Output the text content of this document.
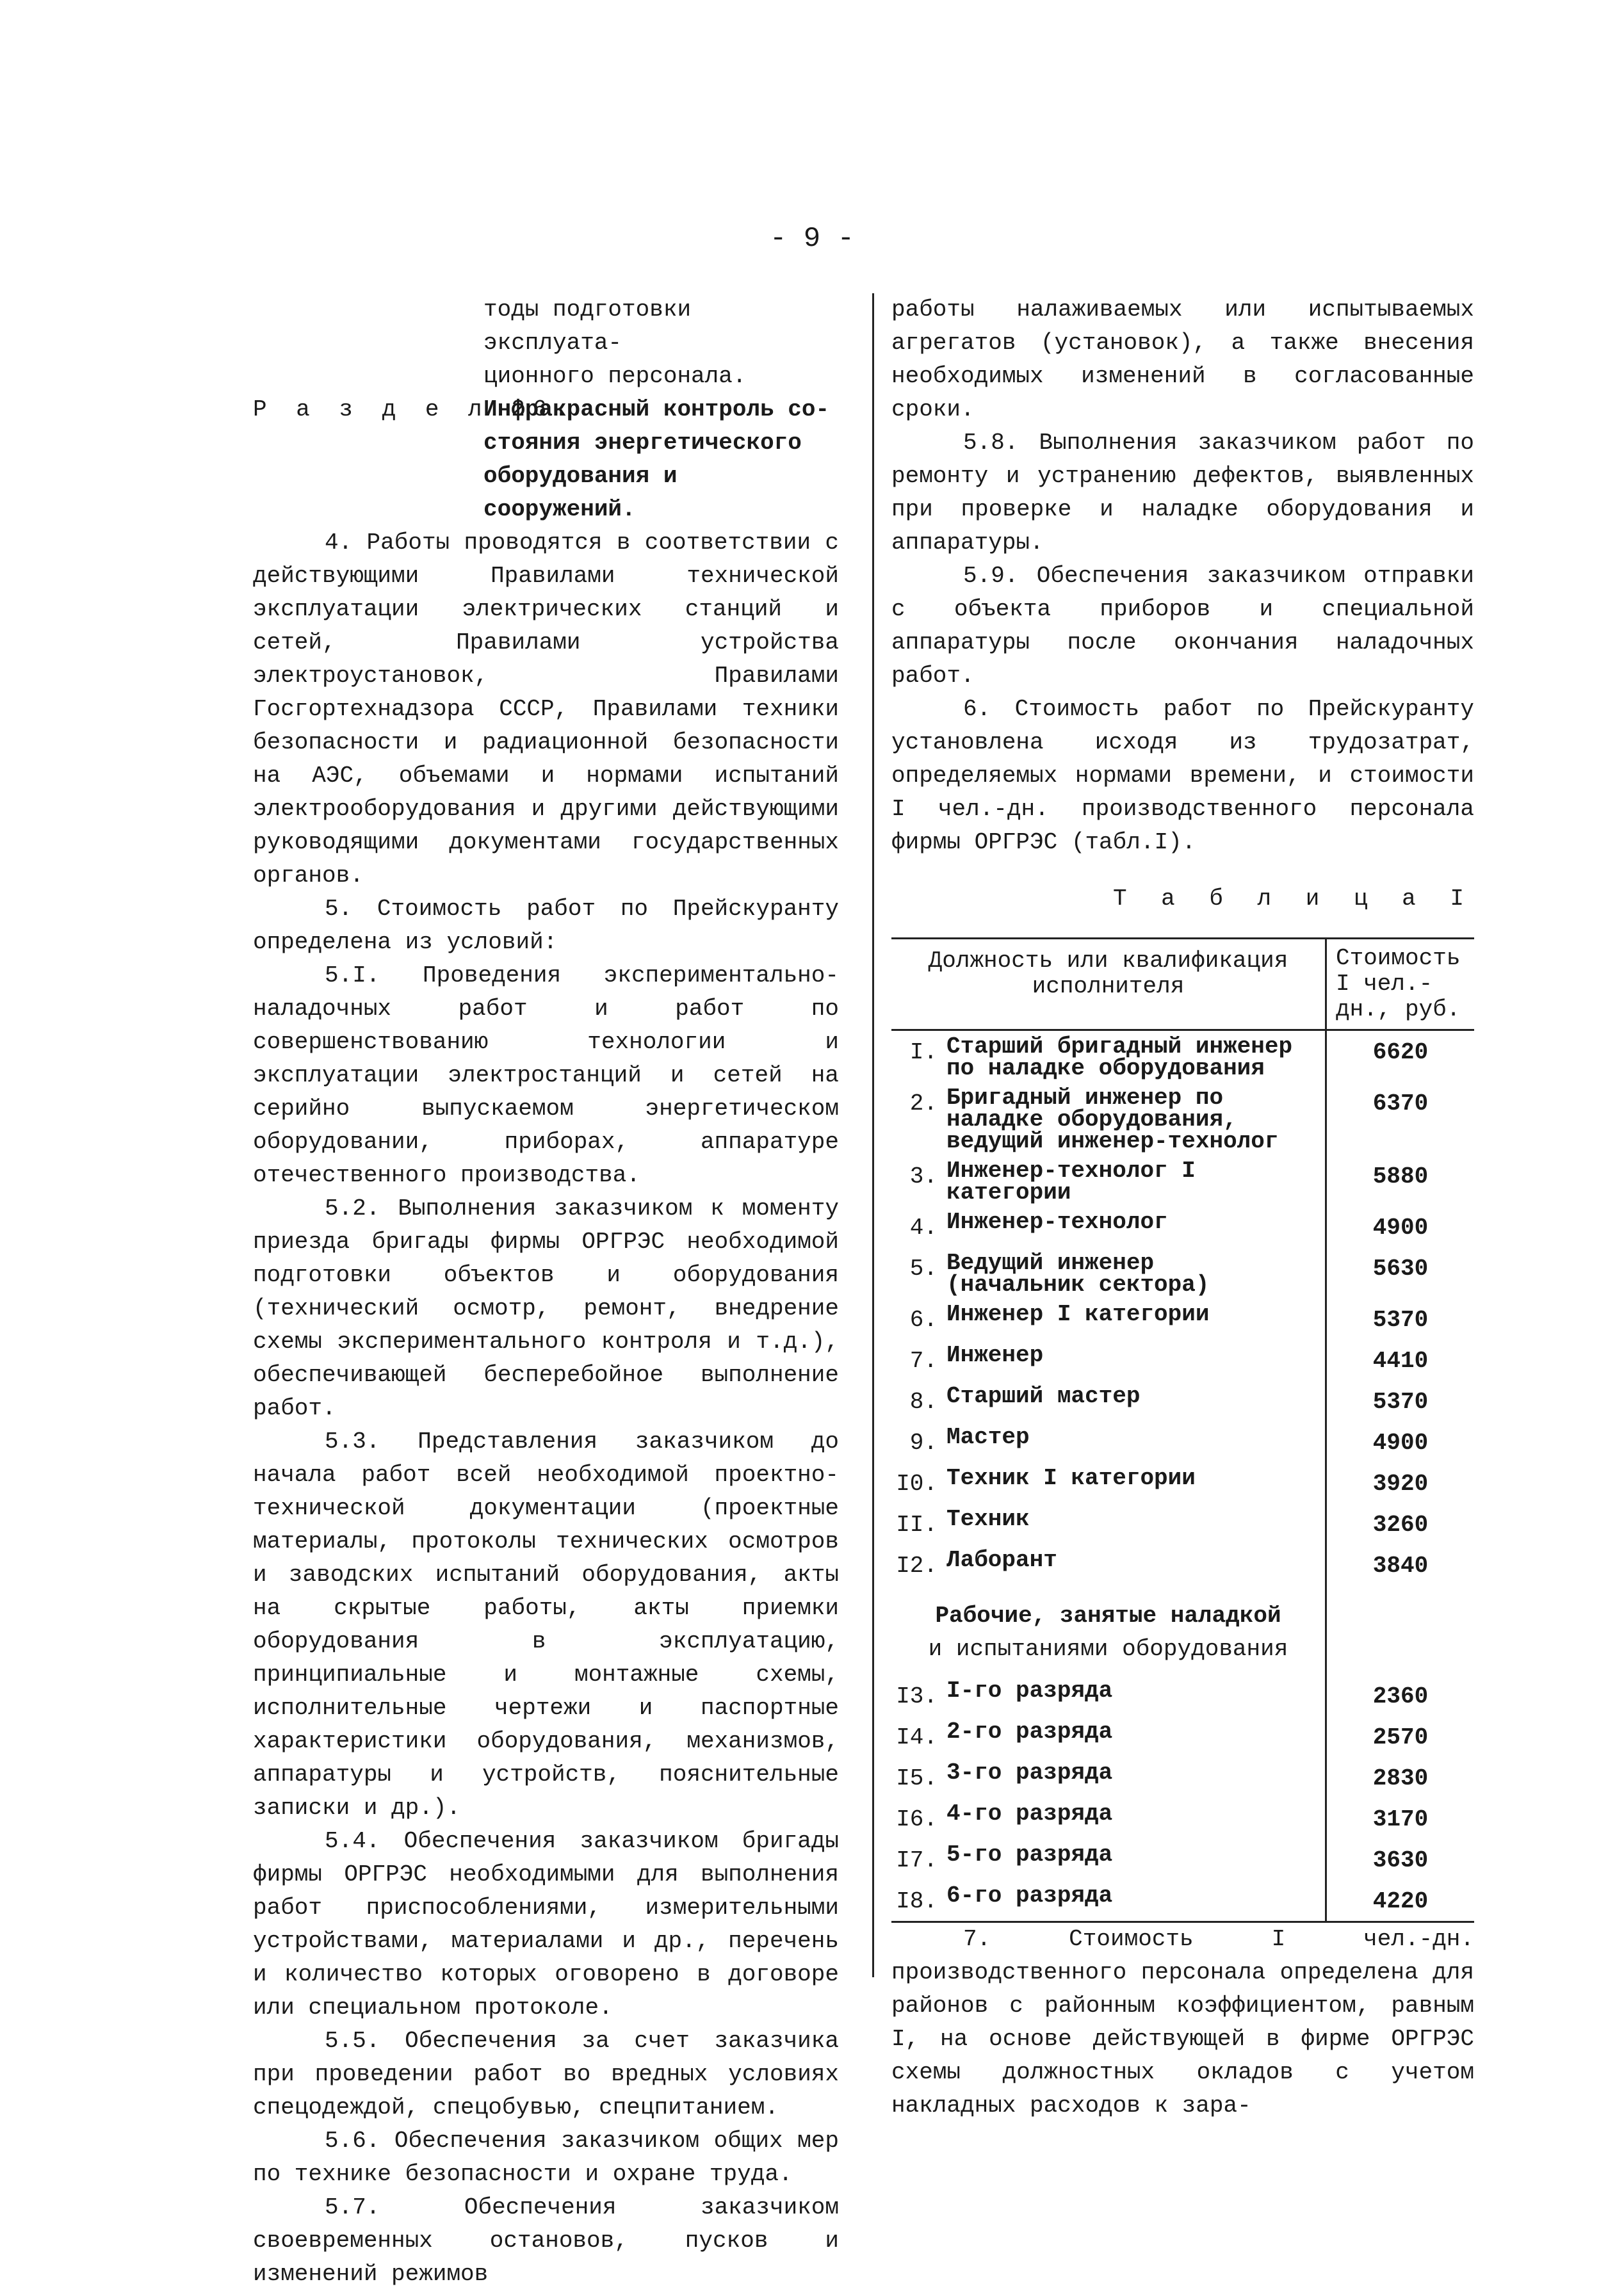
- 9 -
тоды подготовки эксплуата-
ционного персонала.
Р а з д е л 26.
Инфракрасный контроль со-
стояния энергетического
оборудования и сооружений.

4. Работы проводятся в соответствии с действующими Правилами технической эксплуатации электрических станций и сетей, Правилами устройства электроустановок, Правилами Госгортехнадзора СССР, Правилами техники безопасности и радиационной безопасности на АЭС, объемами и нормами испытаний электрооборудования и другими действующими руководящими документами государственных органов.

5. Стоимость работ по Прейскуранту определена из условий:

5.I. Проведения экспериментально-наладочных работ и работ по совершенствованию технологии и эксплуатации электростанций и сетей на серийно выпускаемом энергетическом оборудовании, приборах, аппаратуре отечественного производства.

5.2. Выполнения заказчиком к моменту приезда бригады фирмы ОРГРЭС необходимой подготовки объектов и оборудования (технический осмотр, ремонт, внедрение схемы экспериментального контроля и т.д.), обеспечивающей бесперебойное выполнение работ.

5.3. Представления заказчиком до начала работ всей необходимой проектно-технической документации (проектные материалы, протоколы технических осмотров и заводских испытаний оборудования, акты на скрытые работы, акты приемки оборудования в эксплуатацию, принципиальные и монтажные схемы, исполнительные чертежи и паспортные характеристики оборудования, механизмов, аппаратуры и устройств, пояснительные записки и др.).

5.4. Обеспечения заказчиком бригады фирмы ОРГРЭС необходимыми для выполнения работ приспособлениями, измерительными устройствами, материалами и др., перечень и количество которых оговорено в договоре или специальном протоколе.

5.5. Обеспечения за счет заказчика при проведении работ во вредных условиях спецодеждой, спецобувью, спецпитанием.

5.6. Обеспечения заказчиком общих мер по технике безопасности и охране труда.

5.7. Обеспечения заказчиком своевременных остановов, пусков и изменений режимов

работы налаживаемых или испытываемых агрегатов (установок), а также внесения необходимых изменений в согласованные сроки.

5.8. Выполнения заказчиком работ по ремонту и устранению дефектов, выявленных при проверке и наладке оборудования и аппаратуры.

5.9. Обеспечения заказчиком отправки с объекта приборов и специальной аппаратуры после окончания наладочных работ.

6. Стоимость работ по Прейскуранту установлена исходя из трудозатрат, определяемых нормами времени, и стоимости I чел.-дн. производственного персонала фирмы ОРГРЭС (табл.I).

Т а б л и ц а I
Должность или квалификация исполнителя
Стоимость I чел.-дн., руб.
I. Старший бригадный инженер по наладке оборудования
6620
2. Бригадный инженер по наладке оборудования, ведущий инженер-технолог
6370
3. Инженер-технолог I категории
5880
4. Инженер-технолог	4900
5. Ведущий инженер (начальник сектора)
5630
6. Инженер I категории	5370
7. Инженер	4410
8. Старший мастер	5370
9. Мастер	4900
I0. Техник I категории	3920
II. Техник	3260
I2. Лаборант	3840
Рабочие, занятые наладкой
и испытаниями оборудования
I3. I-го разряда	2360
I4. 2-го разряда	2570
I5. 3-го разряда	2830
I6. 4-го разряда	3170
I7. 5-го разряда	3630
I8. 6-го разряда	4220

7. Стоимость I чел.-дн. производственного персонала определена для районов с районным коэффициентом, равным I, на основе действующей в фирме ОРГРЭС схемы должностных окладов с учетом накладных расходов к зара-
